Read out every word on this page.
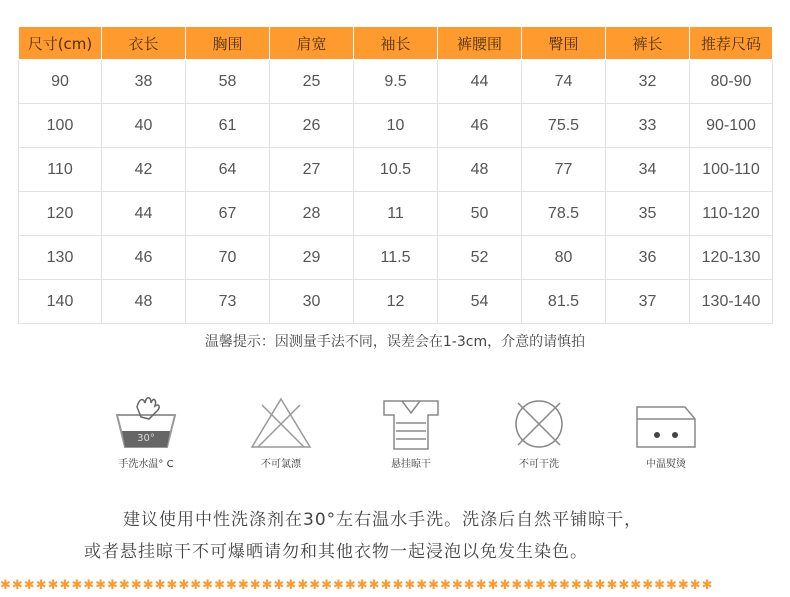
尺寸(cm)	衣长	胸围	肩宽	袖长	裤腰围	臀围	裤长	推荐尺码
90	38	58	25	9.5	44	74	32	80-90
100	40	61	26	10	46	75.5	33	90-100
110	42	64	27	10.5	48	77	34	100-110
120	44	67	28	11	50	78.5	35	110-120
130	46	70	29	11.5	52	80	36	120-130
140	48	73	30	12	54	81.5	37	130-140
温馨提示：因测量手法不同，误差会在1-3cm，介意的请慎拍
30°
手洗水温° C	不可氯漂	悬挂晾干	不可干洗	中温熨烫
建议使用中性洗涤剂在30°左右温水手洗。洗涤后自然平铺晾干，
或者悬挂晾干不可爆晒请勿和其他衣物一起浸泡以免发生染色。
✱✱✱✱✱✱✱✱✱✱✱✱✱✱✱✱✱✱✱✱✱✱✱✱✱✱✱✱✱✱✱✱✱✱✱✱✱✱✱✱✱✱✱✱✱✱✱✱✱✱✱✱✱✱✱✱✱✱✱✱
